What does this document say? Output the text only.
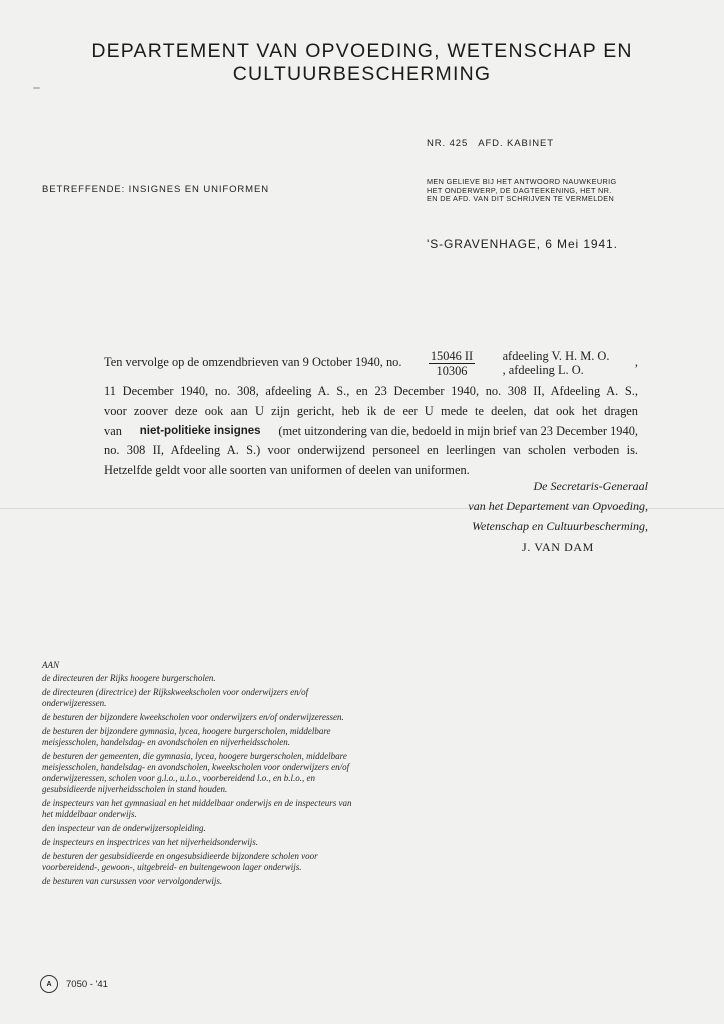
DEPARTEMENT VAN OPVOEDING, WETENSCHAP EN
CULTUURBESCHERMING
NR. 425   AFD. KABINET
BETREFFENDE: INSIGNES EN UNIFORMEN
MEN GELIEVE BIJ HET ANTWOORD NAUWKEURIG
HET ONDERWERP, DE DAGTEEKENING, HET NR.
EN DE AFD. VAN DIT SCHRIJVEN TE VERMELDEN
'S-GRAVENHAGE, 6 Mei 1941.
Ten vervolge op de omzendbrieven van 9 October 1940, no. $\frac{15046 II}{10306}$ afdeeling V. H. M. O.
, afdeeling L. O.
,
11 December 1940, no. 308, afdeeling A. S., en 23 December 1940, no. 308 II, Afdeeling A. S.,
voor zoover deze ook aan U zijn gericht, heb ik de eer U mede te deelen, dat ook het dragen
van niet-politieke insignes (met uitzondering van die, bedoeld in mijn brief van 23 December 1940,
no. 308 II, Afdeeling A. S.) voor onderwijzend personeel en leerlingen van scholen verboden is.
Hetzelfde geldt voor alle soorten van uniformen of deelen van uniformen.
De Secretaris-Generaal
van het Departement van Opvoeding,
Wetenschap en Cultuurbescherming,
J. VAN DAM
AAN
de directeuren der Rijks hoogere burgerscholen.
de directeuren (directrice) der Rijkskweekscholen voor onderwijzers en/of onderwijzeressen.
de besturen der bijzondere kweekscholen voor onderwijzers en/of onderwijzeressen.
de besturen der bijzondere gymnasia, lycea, hoogere burgerscholen, middelbare meisjesscholen, handelsdag- en avondscholen en nijverheidsscholen.
de besturen der gemeenten, die gymnasia, lycea, hoogere burgerscholen, middelbare meisjesscholen, handelsdag- en avondscholen, kweekscholen voor onderwijzers en/of onderwijzeressen, scholen voor g.l.o., u.l.o., voorbereidend l.o., en b.l.o., en gesubsidieerde nijverheidsscholen in stand houden.
de inspecteurs van het gymnasiaal en het middelbaar onderwijs en de inspecteurs van het middelbaar onderwijs.
den inspecteur van de onderwijzersopleiding.
de inspecteurs en inspectrices van het nijverheidsonderwijs.
de besturen der gesubsidieerde en ongesubsidieerde bijzondere scholen voor voorbereidend-, gewoon-, uitgebreid- en buitengewoon lager onderwijs.
de besturen van cursussen voor vervolgonderwijs.
A	7050 - '41
